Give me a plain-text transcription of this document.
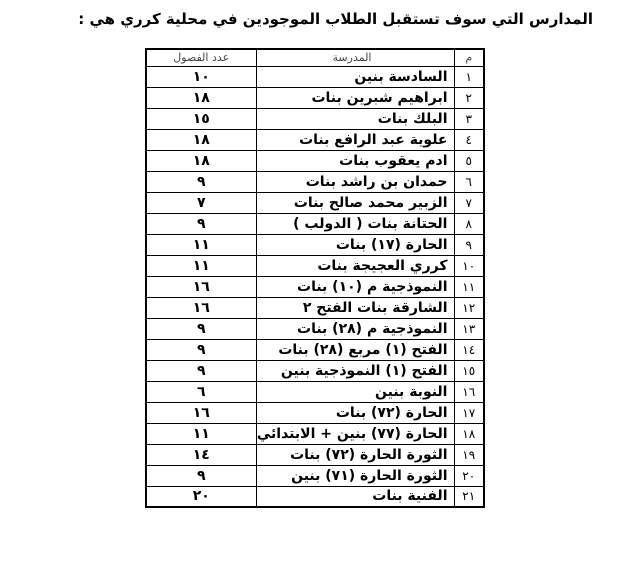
المدارس التي سوف تستقبل الطلاب الموجودين في محلية كرري هي :
م	المدرسة	عدد الفصول
١	السادسة بنين	١٠
٢	ابراهيم شبرين بنات	١٨
٣	البلك بنات	١٥
٤	علوية عبد الرافع بنات	١٨
٥	ادم يعقوب بنات	١٨
٦	حمدان بن راشد بنات	٩
٧	الزبير محمد صالح بنات	٧
٨	الحتانة بنات ( الدولب )	٩
٩	الحارة (١٧) بنات	١١
١٠	كرري العجيجة بنات	١١
١١	النموذجية م (١٠) بنات	١٦
١٢	الشارقة بنات الفتح ٢	١٦
١٣	النموذجية م (٢٨) بنات	٩
١٤	الفتح (١) مربع (٢٨) بنات	٩
١٥	الفتح (١) النموذجية بنين	٩
١٦	النوبة بنين	٦
١٧	الحارة (٧٢) بنات	١٦
١٨	الحارة (٧٧) بنين + الابتدائي	١١
١٩	الثورة الحارة (٧٢) بنات	١٤
٢٠	الثورة الحارة (٧١) بنين	٩
٢١	الفنية بنات	٢٠
